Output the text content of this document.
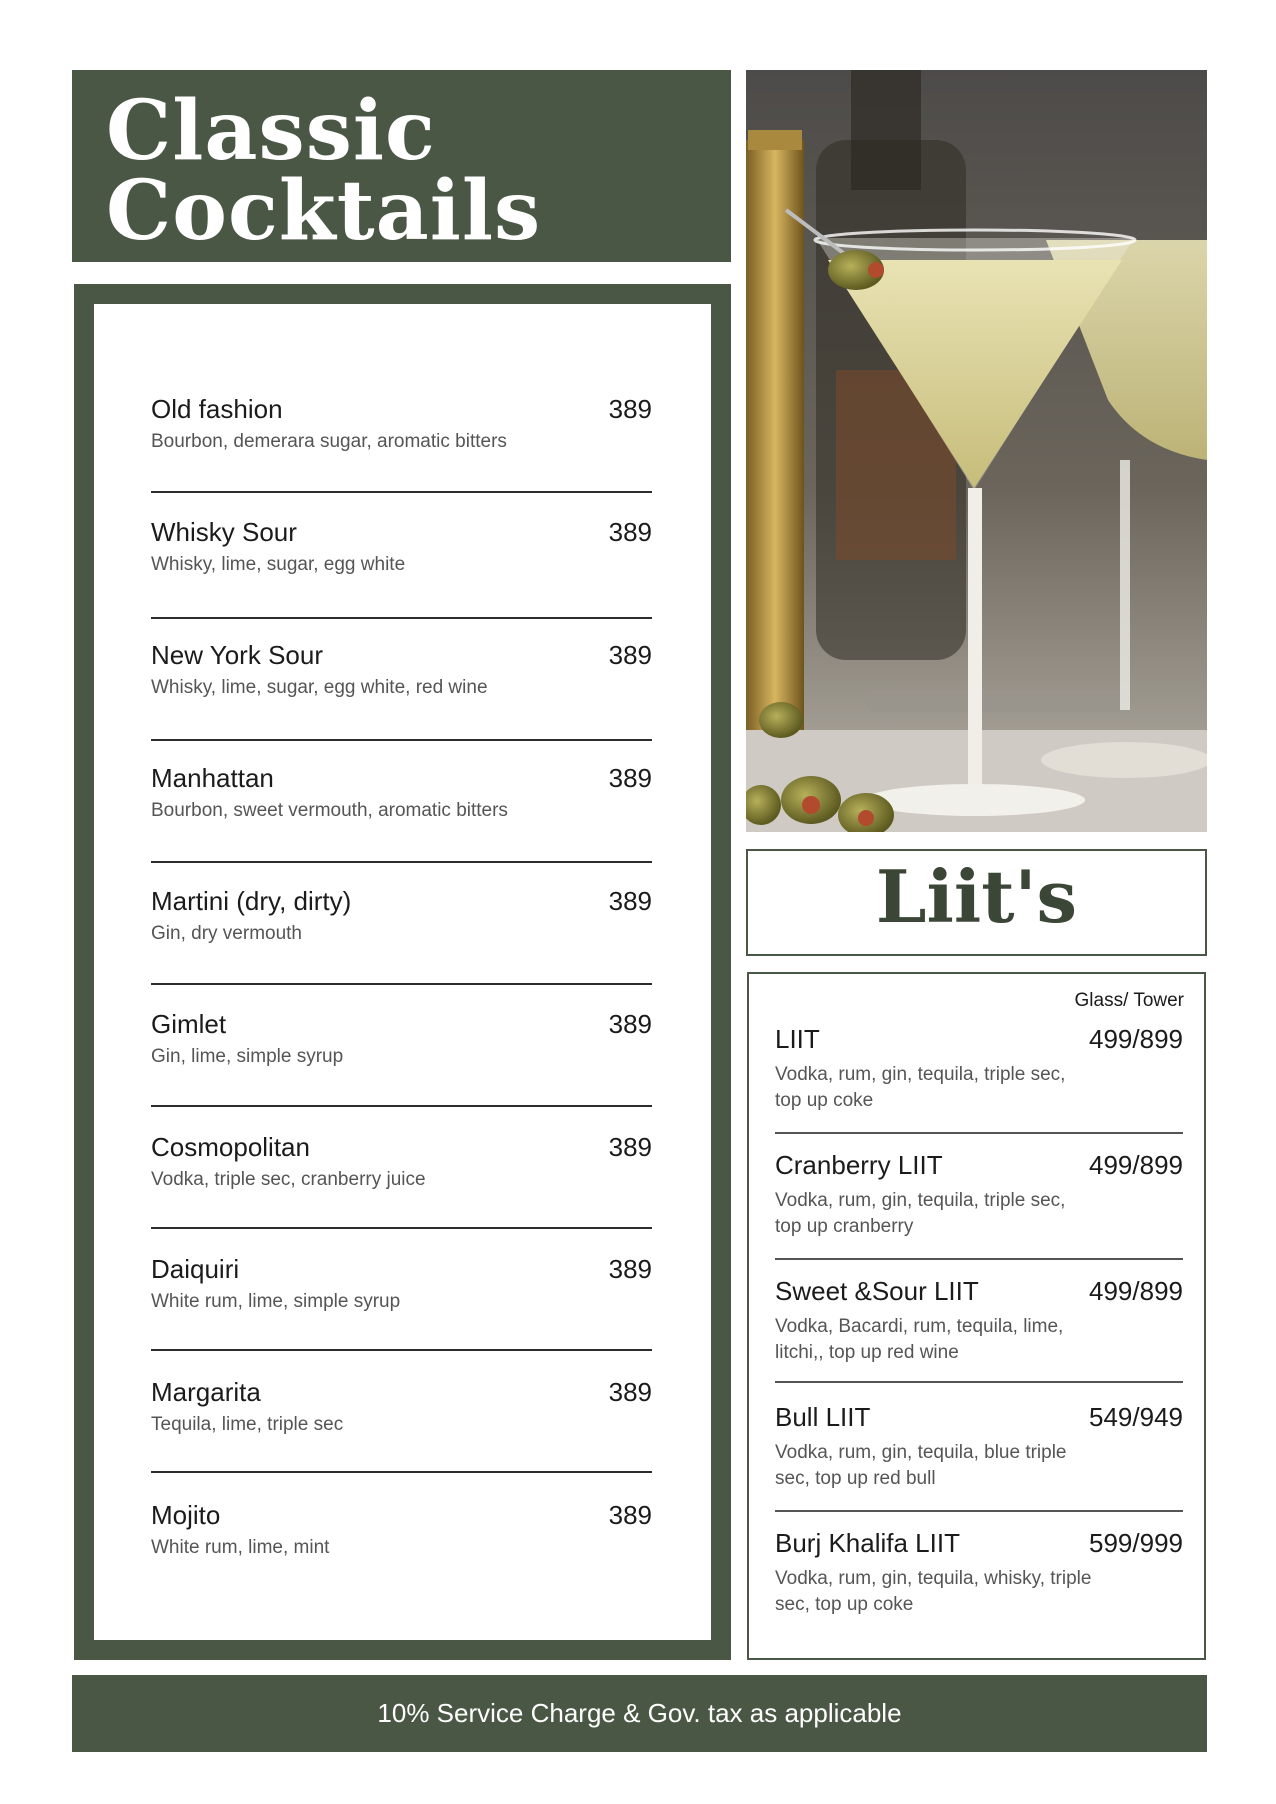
Classic
Cocktails
Old fashion	389
Bourbon, demerara sugar, aromatic bitters
Whisky Sour	389
Whisky, lime, sugar, egg white
New York Sour	389
Whisky, lime, sugar, egg white, red wine
Manhattan	389
Bourbon, sweet vermouth, aromatic bitters
Martini (dry, dirty)	389
Gin, dry vermouth
Gimlet	389
Gin, lime, simple syrup
Cosmopolitan	389
Vodka, triple sec, cranberry juice
Daiquiri	389
White rum, lime, simple syrup
Margarita	389
Tequila, lime, triple sec
Mojito	389
White rum, lime, mint
Liit's
Glass/ Tower
LIIT	499/899
Vodka, rum, gin, tequila, triple sec, top up coke
Cranberry LIIT	499/899
Vodka, rum, gin, tequila, triple sec, top up cranberry
Sweet &Sour LIIT	499/899
Vodka, Bacardi, rum, tequila, lime, litchi,, top up red wine
Bull LIIT	549/949
Vodka, rum, gin, tequila, blue triple sec, top up red bull
Burj Khalifa LIIT	599/999
Vodka, rum, gin, tequila, whisky, triple sec, top up coke
10% Service Charge & Gov. tax as applicable
